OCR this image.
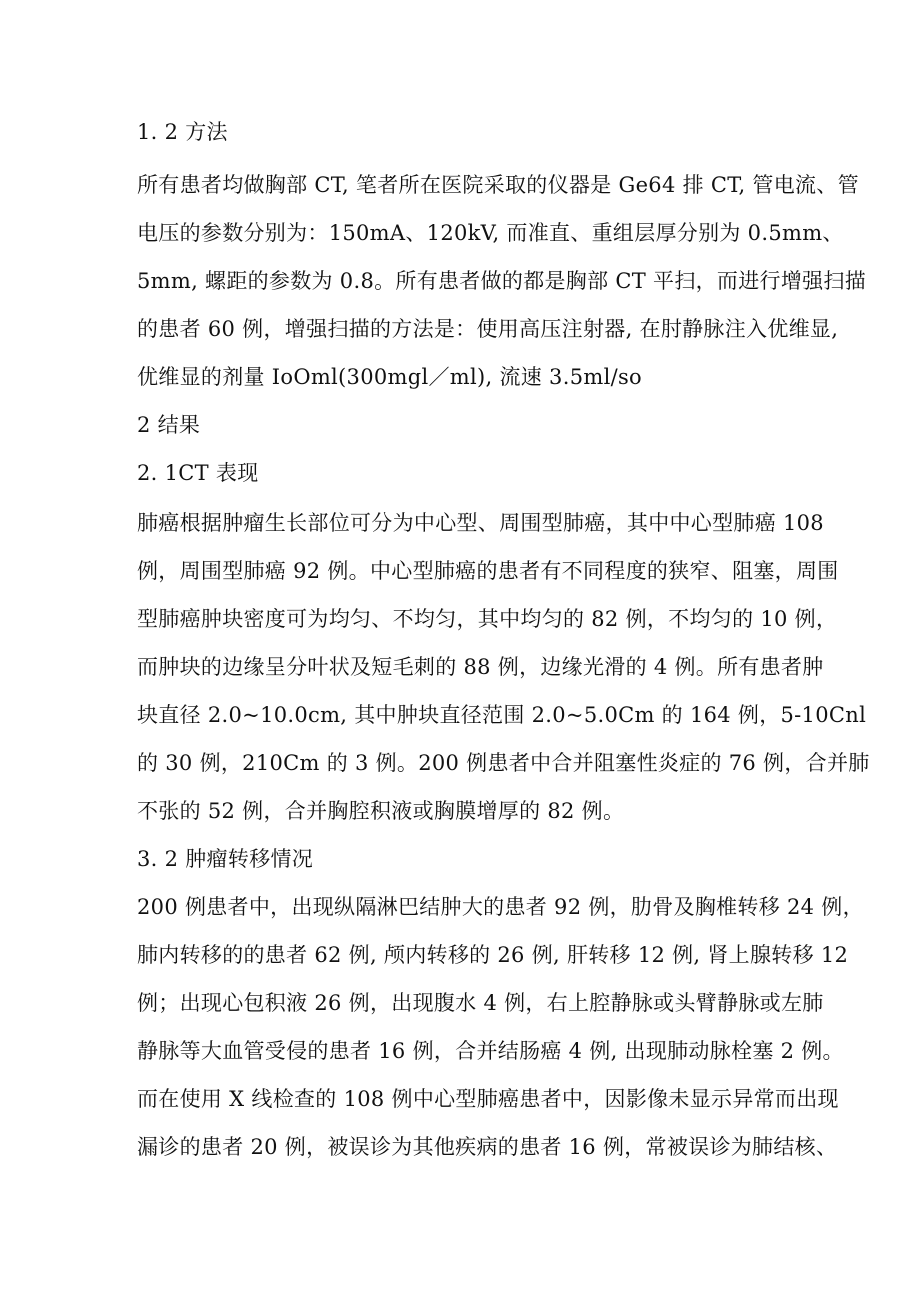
1. 2 方法
所有患者均做胸部 CT, 笔者所在医院采取的仪器是 Ge64 排 CT, 管电流、管
电压的参数分别为：150mA、120kV, 而准直、重组层厚分别为 0.5mm、
5mm, 螺距的参数为 0.8。所有患者做的都是胸部 CT 平扫，而进行增强扫描
的患者 60 例，增强扫描的方法是：使用高压注射器, 在肘静脉注入优维显,
优维显的剂量 IoOml(300mgl／ml), 流速 3.5ml/so
2 结果
2. 1CT 表现
肺癌根据肿瘤生长部位可分为中心型、周围型肺癌，其中中心型肺癌 108
例，周围型肺癌 92 例。中心型肺癌的患者有不同程度的狭窄、阻塞，周围
型肺癌肿块密度可为均匀、不均匀，其中均匀的 82 例，不均匀的 10 例，
而肿块的边缘呈分叶状及短毛刺的 88 例，边缘光滑的 4 例。所有患者肿
块直径 2.0~10.0cm, 其中肿块直径范围 2.0~5.0Cm 的 164 例，5-10Cnl
的 30 例，210Cm 的 3 例。200 例患者中合并阻塞性炎症的 76 例，合并肺
不张的 52 例，合并胸腔积液或胸膜增厚的 82 例。
3. 2 肿瘤转移情况
200 例患者中，出现纵隔淋巴结肿大的患者 92 例，肋骨及胸椎转移 24 例，
肺内转移的的患者 62 例, 颅内转移的 26 例, 肝转移 12 例, 肾上腺转移 12
例；出现心包积液 26 例，出现腹水 4 例，右上腔静脉或头臂静脉或左肺
静脉等大血管受侵的患者 16 例，合并结肠癌 4 例, 出现肺动脉栓塞 2 例。
而在使用 X 线检查的 108 例中心型肺癌患者中，因影像未显示异常而出现
漏诊的患者 20 例，被误诊为其他疾病的患者 16 例，常被误诊为肺结核、
